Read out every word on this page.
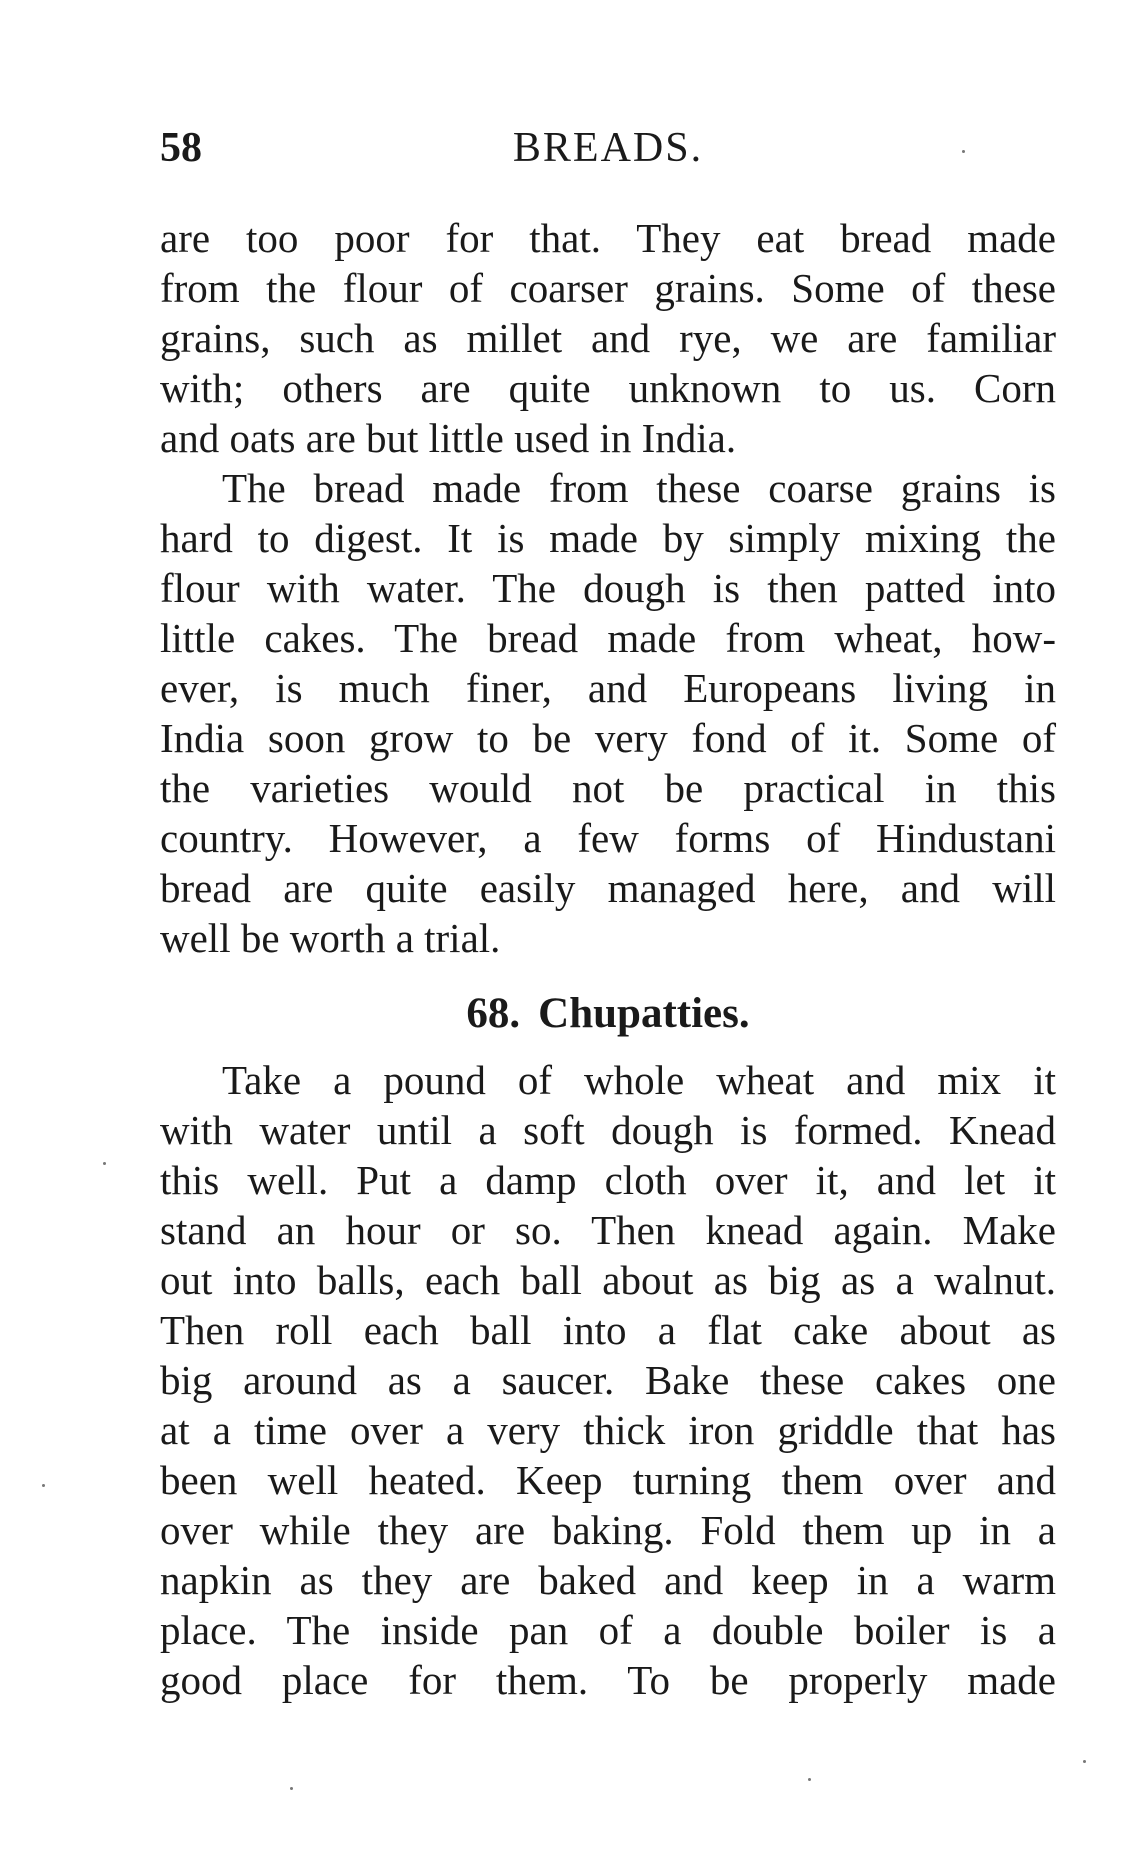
58	BREADS.
are too poor for that. They eat bread made
from the flour of coarser grains. Some of these
grains, such as millet and rye, we are familiar
with; others are quite unknown to us. Corn
and oats are but little used in India.
The bread made from these coarse grains is
hard to digest. It is made by simply mixing the
flour with water. The dough is then patted into
little cakes. The bread made from wheat, how-
ever, is much finer, and Europeans living in
India soon grow to be very fond of it. Some of
the varieties would not be practical in this
country. However, a few forms of Hindustani
bread are quite easily managed here, and will
well be worth a trial.
68. Chupatties.
Take a pound of whole wheat and mix it
with water until a soft dough is formed. Knead
this well. Put a damp cloth over it, and let it
stand an hour or so. Then knead again. Make
out into balls, each ball about as big as a walnut.
Then roll each ball into a flat cake about as
big around as a saucer. Bake these cakes one
at a time over a very thick iron griddle that has
been well heated. Keep turning them over and
over while they are baking. Fold them up in a
napkin as they are baked and keep in a warm
place. The inside pan of a double boiler is a
good place for them. To be properly made
